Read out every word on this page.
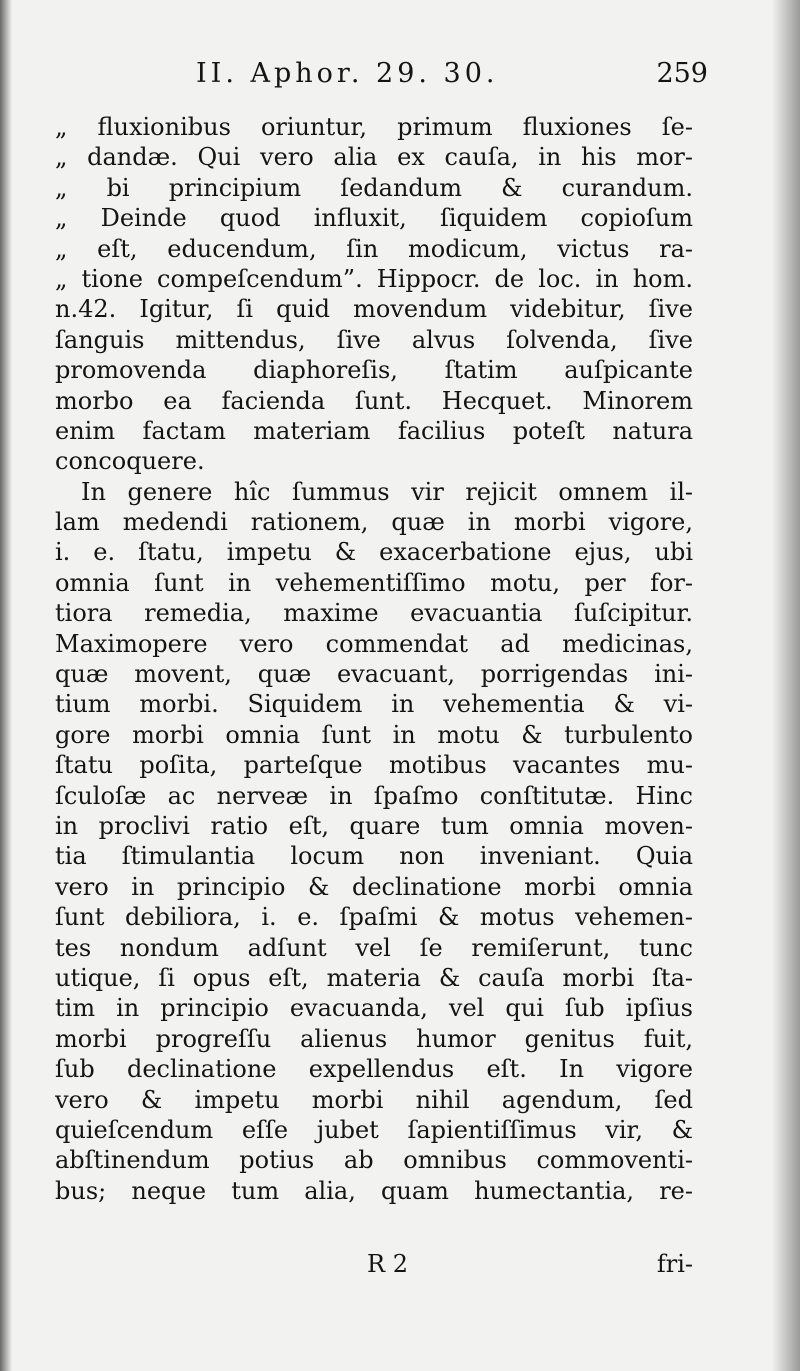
II. Aphor. 29. 30.	259
„ fluxionibus oriuntur, primum fluxiones ſe-
„ dandæ. Qui vero alia ex cauſa, in his mor-
„ bi principium ſedandum & curandum.
„ Deinde quod influxit, ſiquidem copioſum
„ eſt, educendum, ſin modicum, victus ra-
„ tione compeſcendum”. Hippocr. de loc. in hom.
n.42. Igitur, ſi quid movendum videbitur, ſive
ſanguis mittendus, ſive alvus ſolvenda, ſive
promovenda diaphoreſis, ſtatim auſpicante
morbo ea facienda ſunt. Hecquet. Minorem
enim factam materiam facilius poteſt natura
concoquere.
In genere hîc ſummus vir rejicit omnem il-
lam medendi rationem, quæ in morbi vigore,
i. e. ſtatu, impetu & exacerbatione ejus, ubi
omnia ſunt in vehementiſſimo motu, per for-
tiora remedia, maxime evacuantia ſuſcipitur.
Maximopere vero commendat ad medicinas,
quæ movent, quæ evacuant, porrigendas ini-
tium morbi. Siquidem in vehementia & vi-
gore morbi omnia ſunt in motu & turbulento
ſtatu poſita, parteſque motibus vacantes mu-
ſculoſæ ac nerveæ in ſpaſmo conſtitutæ. Hinc
in proclivi ratio eſt, quare tum omnia moven-
tia ſtimulantia locum non inveniant. Quia
vero in principio & declinatione morbi omnia
ſunt debiliora, i. e. ſpaſmi & motus vehemen-
tes nondum adſunt vel ſe remiſerunt, tunc
utique, ſi opus eſt, materia & cauſa morbi ſta-
tim in principio evacuanda, vel qui ſub ipſius
morbi progreſſu alienus humor genitus fuit,
ſub declinatione expellendus eſt. In vigore
vero & impetu morbi nihil agendum, ſed
quieſcendum eſſe jubet ſapientiſſimus vir, &
abſtinendum potius ab omnibus commoventi-
bus; neque tum alia, quam humectantia, re-
R 2	fri-
